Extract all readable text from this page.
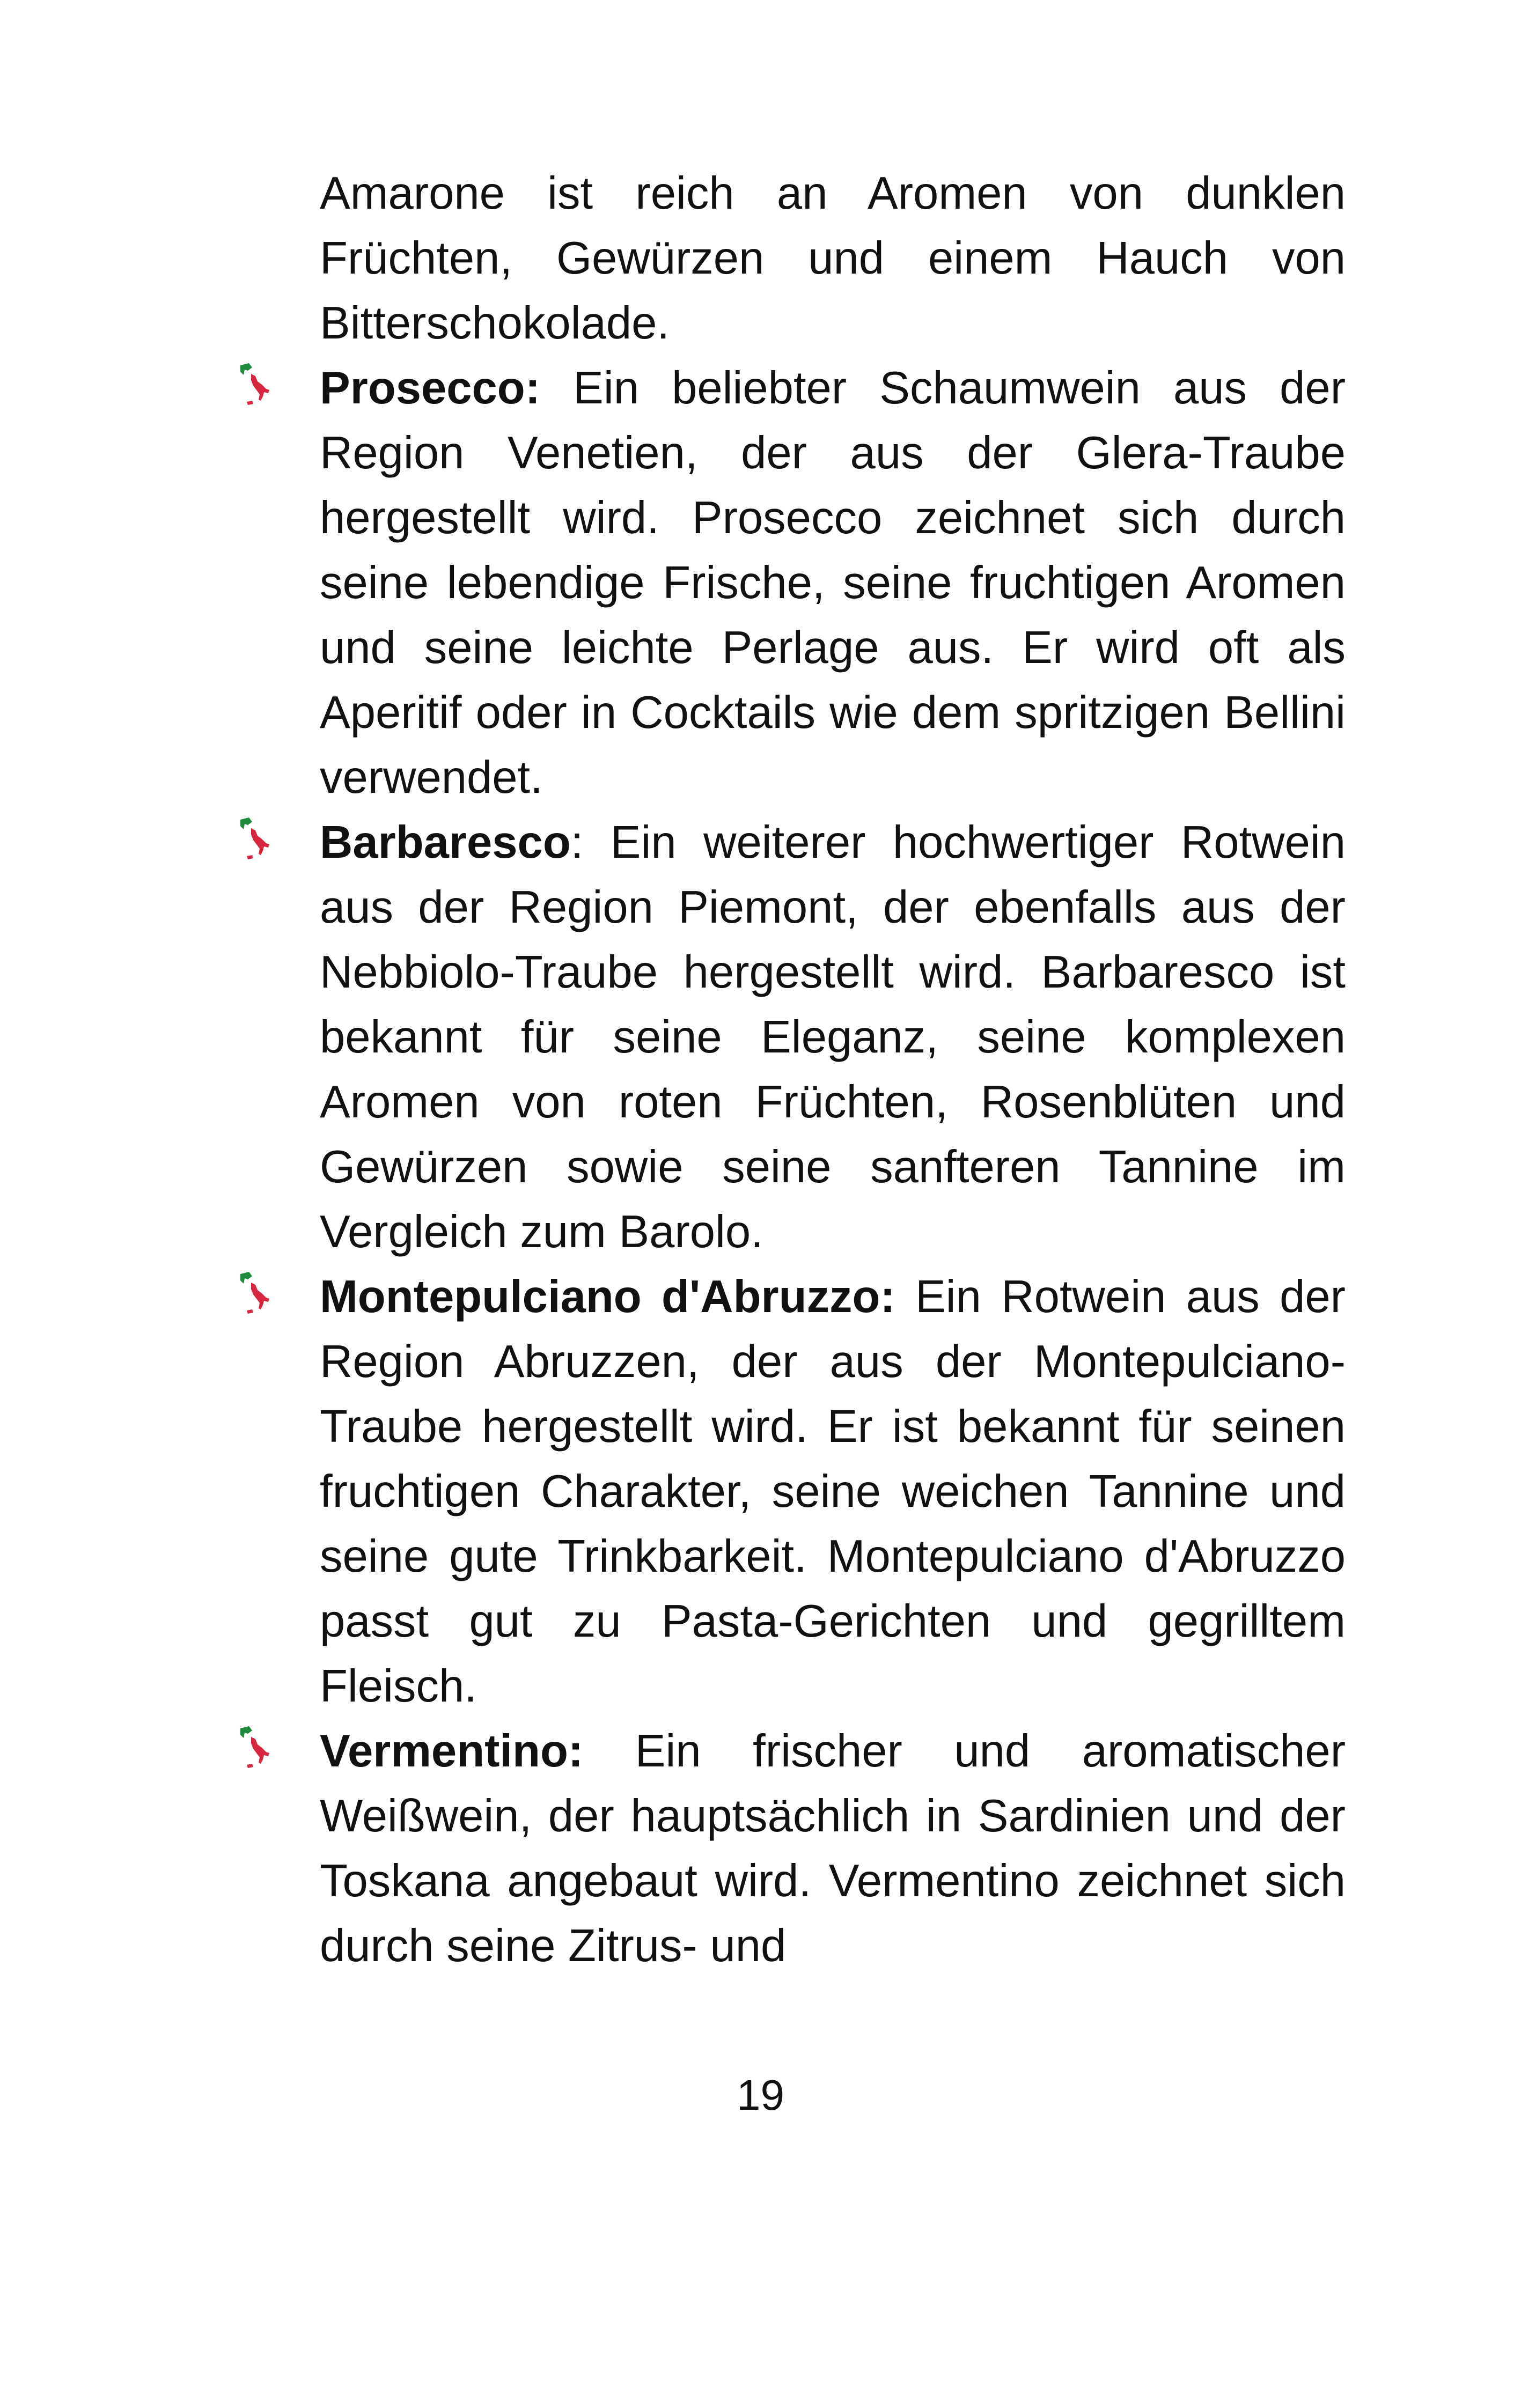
Amarone ist reich an Aromen von dunklen Früchten, Gewürzen und einem Hauch von Bitterschokolade.

Prosecco: Ein beliebter Schaumwein aus der Region Venetien, der aus der Glera-Traube hergestellt wird. Prosecco zeichnet sich durch seine lebendige Frische, seine fruchtigen Aromen und seine leichte Perlage aus. Er wird oft als Aperitif oder in Cocktails wie dem spritzigen Bellini verwendet.

Barbaresco: Ein weiterer hochwertiger Rotwein aus der Region Piemont, der ebenfalls aus der Nebbiolo-Traube hergestellt wird. Barbaresco ist bekannt für seine Eleganz, seine komplexen Aromen von roten Früchten, Rosenblüten und Gewürzen sowie seine sanfteren Tannine im Vergleich zum Barolo.

Montepulciano d'Abruzzo: Ein Rotwein aus der Region Abruzzen, der aus der Montepulciano-Traube hergestellt wird. Er ist bekannt für seinen fruchtigen Charakter, seine weichen Tannine und seine gute Trinkbarkeit. Montepulciano d'Abruzzo passt gut zu Pasta-Gerichten und gegrilltem Fleisch.

Vermentino: Ein frischer und aromatischer Weißwein, der hauptsächlich in Sardinien und der Toskana angebaut wird. Vermentino zeichnet sich durch seine Zitrus- und

19
